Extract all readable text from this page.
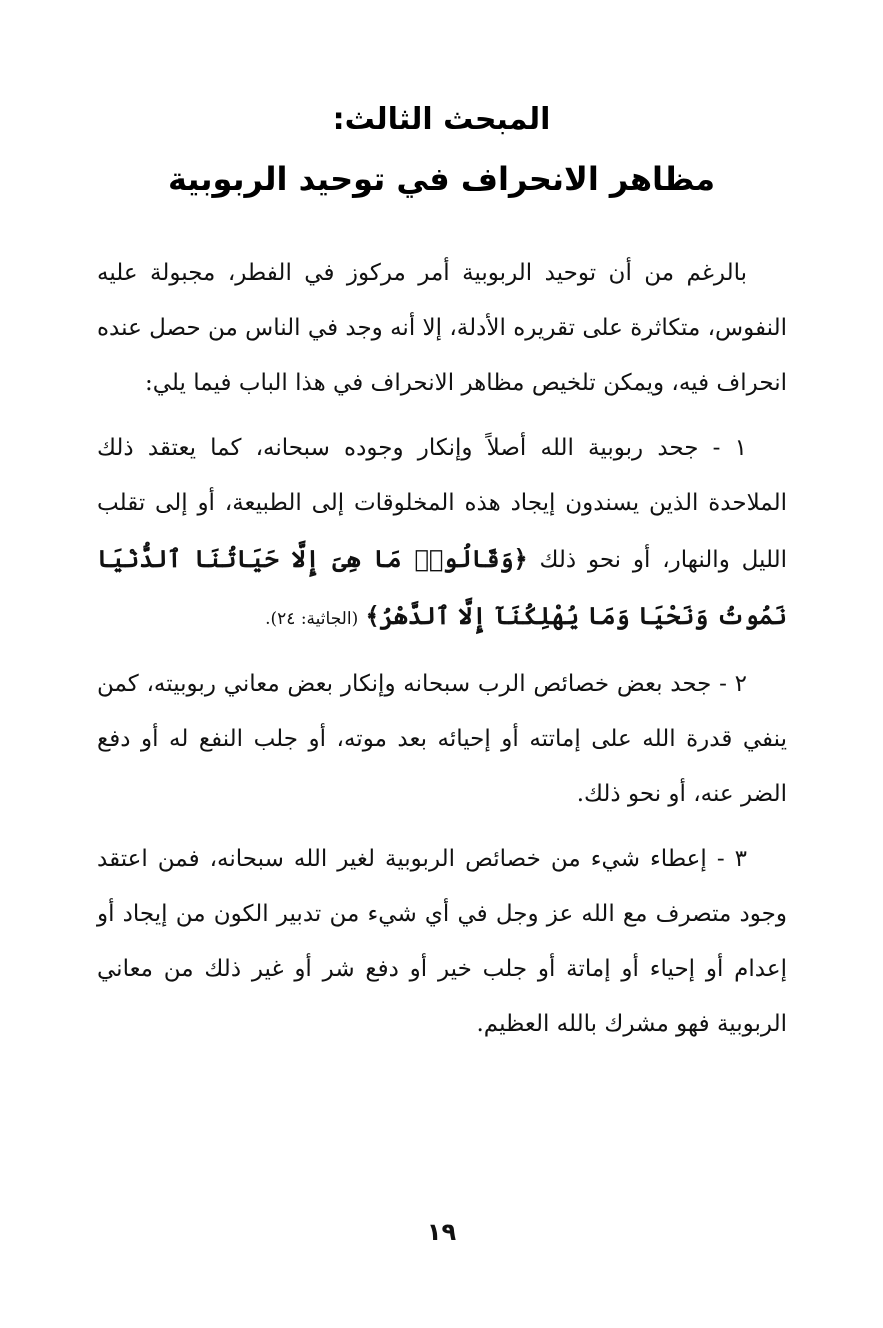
المبحث الثالث:
مظاهر الانحراف في توحيد الربوبية

بالرغم من أن توحيد الربوبية أمر مركوز في الفطر، مجبولة عليه النفوس، متكاثرة على تقريره الأدلة، إلا أنه وجد في الناس من حصل عنده انحراف فيه، ويمكن تلخيص مظاهر الانحراف في هذا الباب فيما يلي:

١ - جحد ربوبية الله أصلاً وإنكار وجوده سبحانه، كما يعتقد ذلك الملاحدة الذين يسندون إيجاد هذه المخلوقات إلى الطبيعة، أو إلى تقلب الليل والنهار، أو نحو ذلك ﴿وَقَالُوا۟ مَا هِىَ إِلَّا حَيَاتُنَا ٱلدُّنْيَا نَمُوتُ وَنَحْيَا وَمَا يُهْلِكُنَآ إِلَّا ٱلدَّهْرُ﴾ (الجاثية: ٢٤).

٢ - جحد بعض خصائص الرب سبحانه وإنكار بعض معاني ربوبيته، كمن ينفي قدرة الله على إماتته أو إحيائه بعد موته، أو جلب النفع له أو دفع الضر عنه، أو نحو ذلك.

٣ - إعطاء شيء من خصائص الربوبية لغير الله سبحانه، فمن اعتقد وجود متصرف مع الله عز وجل في أي شيء من تدبير الكون من إيجاد أو إعدام أو إحياء أو إماتة أو جلب خير أو دفع شر أو غير ذلك من معاني الربوبية فهو مشرك بالله العظيم.

١٩
